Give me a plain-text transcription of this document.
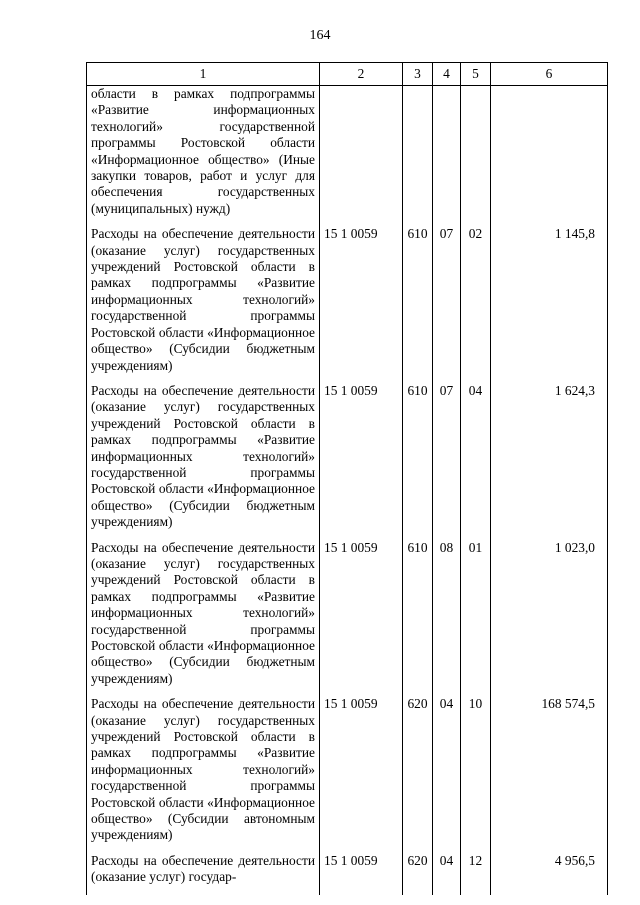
164
1	2	3	4	5	6
области в рамках подпрограммы «Развитие информационных технологий» государственной программы Ростовской области «Информационное общество» (Иные закупки товаров, работ и услуг для обеспечения государственных (муниципальных) нужд)					
Расходы на обеспечение деятельности (оказание услуг) государственных учреждений Ростовской области в рамках подпрограммы «Развитие информационных технологий» государственной программы Ростовской области «Информационное общество» (Субсидии бюджетным учреждениям)	15 1 0059	610	07	02	1 145,8
Расходы на обеспечение деятельности (оказание услуг) государственных учреждений Ростовской области в рамках подпрограммы «Развитие информационных технологий» государственной программы Ростовской области «Информационное общество» (Субсидии бюджетным учреждениям)	15 1 0059	610	07	04	1 624,3
Расходы на обеспечение деятельности (оказание услуг) государственных учреждений Ростовской области в рамках подпрограммы «Развитие информационных технологий» государственной программы Ростовской области «Информационное общество» (Субсидии бюджетным учреждениям)	15 1 0059	610	08	01	1 023,0
Расходы на обеспечение деятельности (оказание услуг) государственных учреждений Ростовской области в рамках подпрограммы «Развитие информационных технологий» государственной программы Ростовской области «Информационное общество» (Субсидии автономным учреждениям)	15 1 0059	620	04	10	168 574,5
Расходы на обеспечение деятельности (оказание услуг) государ-	15 1 0059	620	04	12	4 956,5
